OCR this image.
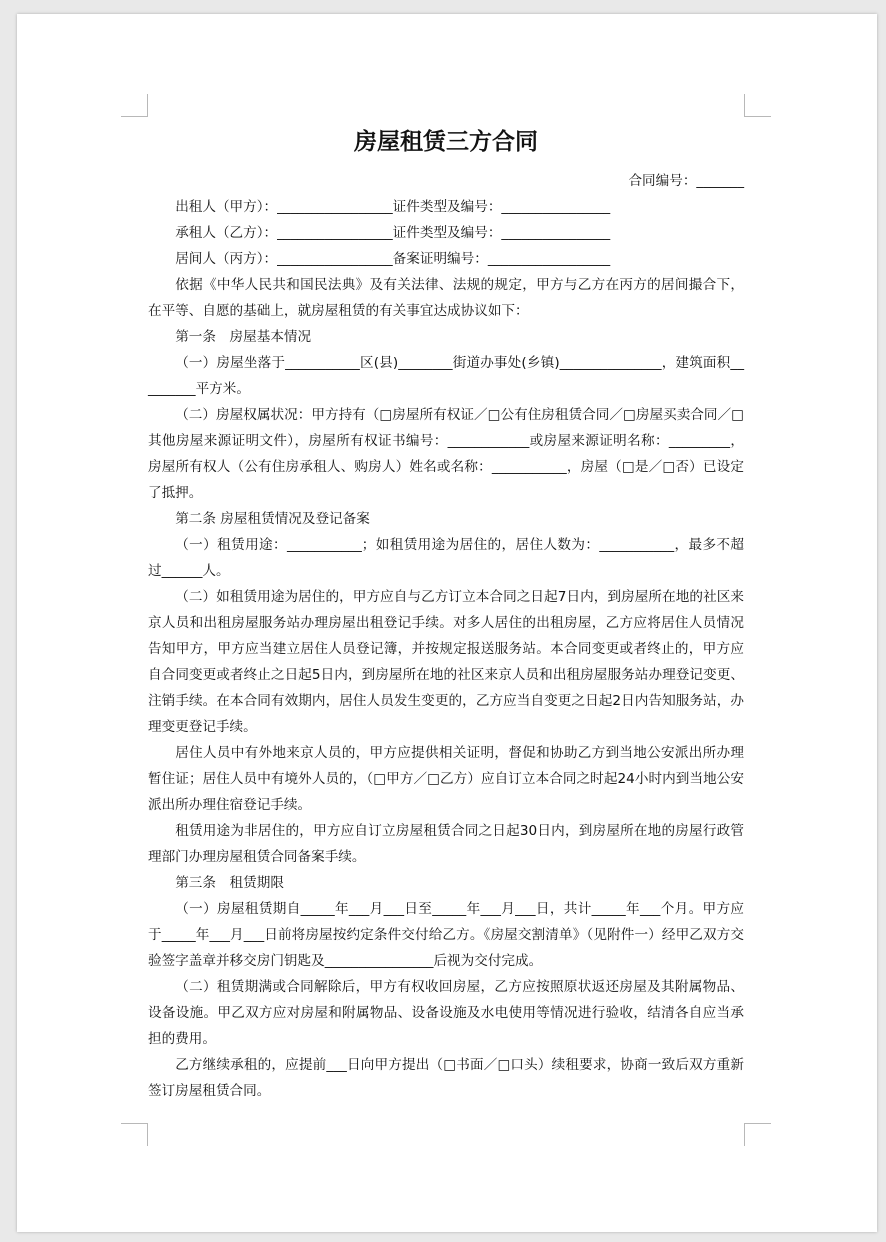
房屋租赁三方合同

合同编号：_______

出租人（甲方）：_________________证件类型及编号：________________

承租人（乙方）：_________________证件类型及编号：________________

居间人（丙方）：_________________备案证明编号：__________________

依据《中华人民共和国民法典》及有关法律、法规的规定，甲方与乙方在丙方的居间撮合下，在平等、自愿的基础上，就房屋租赁的有关事宜达成协议如下：

第一条　房屋基本情况

（一）房屋坐落于___________区(县)________街道办事处(乡镇)_______________，建筑面积_________平方米。

（二）房屋权属状况：甲方持有（□房屋所有权证／□公有住房租赁合同／□房屋买卖合同／□其他房屋来源证明文件），房屋所有权证书编号：____________或房屋来源证明名称：_________，房屋所有权人（公有住房承租人、购房人）姓名或名称：___________，房屋（□是／□否）已设定了抵押。

第二条 房屋租赁情况及登记备案

（一）租赁用途：___________；如租赁用途为居住的，居住人数为：___________，最多不超过______人。

（二）如租赁用途为居住的，甲方应自与乙方订立本合同之日起7日内，到房屋所在地的社区来京人员和出租房屋服务站办理房屋出租登记手续。对多人居住的出租房屋，乙方应将居住人员情况告知甲方，甲方应当建立居住人员登记簿，并按规定报送服务站。本合同变更或者终止的，甲方应自合同变更或者终止之日起5日内，到房屋所在地的社区来京人员和出租房屋服务站办理登记变更、注销手续。在本合同有效期内，居住人员发生变更的，乙方应当自变更之日起2日内告知服务站，办理变更登记手续。

居住人员中有外地来京人员的，甲方应提供相关证明，督促和协助乙方到当地公安派出所办理暂住证；居住人员中有境外人员的，（□甲方／□乙方）应自订立本合同之时起24小时内到当地公安派出所办理住宿登记手续。

租赁用途为非居住的，甲方应自订立房屋租赁合同之日起30日内，到房屋所在地的房屋行政管理部门办理房屋租赁合同备案手续。

第三条　租赁期限

（一）房屋租赁期自_____年___月___日至_____年___月___日，共计_____年___个月。甲方应于_____年___月___日前将房屋按约定条件交付给乙方。《房屋交割清单》（见附件一）经甲乙双方交验签字盖章并移交房门钥匙及________________后视为交付完成。

（二）租赁期满或合同解除后，甲方有权收回房屋，乙方应按照原状返还房屋及其附属物品、设备设施。甲乙双方应对房屋和附属物品、设备设施及水电使用等情况进行验收，结清各自应当承担的费用。

乙方继续承租的，应提前___日向甲方提出（□书面／□口头）续租要求，协商一致后双方重新签订房屋租赁合同。
